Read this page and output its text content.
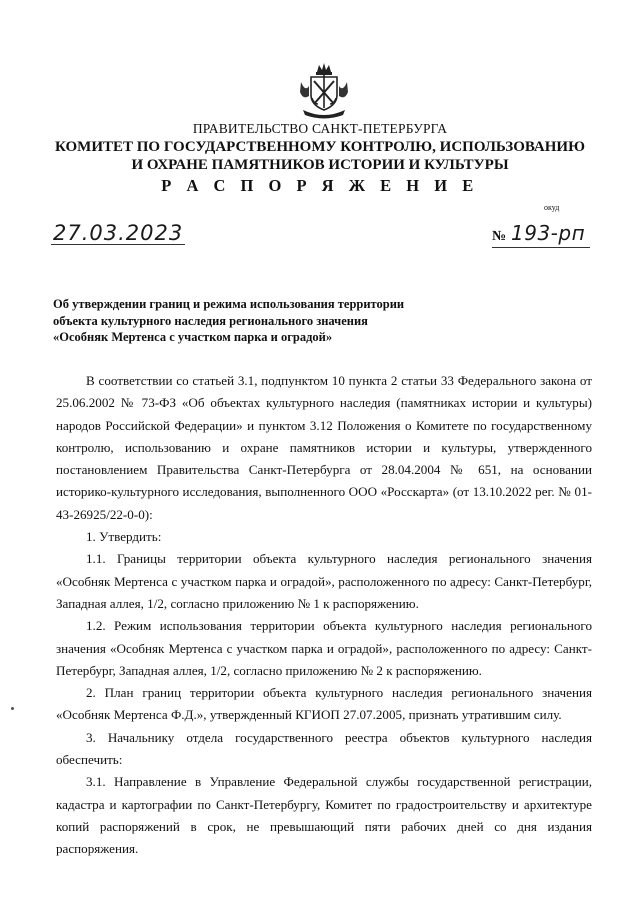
ПРАВИТЕЛЬСТВО САНКТ-ПЕТЕРБУРГА
КОМИТЕТ ПО ГОСУДАРСТВЕННОМУ КОНТРОЛЮ, ИСПОЛЬЗОВАНИЮ
И ОХРАНЕ ПАМЯТНИКОВ ИСТОРИИ И КУЛЬТУРЫ
Р А С П О Р Я Ж Е Н И Е
окуд
27.03.2023	№ 193-рп
Об утверждении границ и режима использования территории
объекта культурного наследия регионального значения
«Особняк Мертенса с участком парка и оградой»

В соответствии со статьей 3.1, подпунктом 10 пункта 2 статьи 33 Федерального закона от 25.06.2002 № 73-ФЗ «Об объектах культурного наследия (памятниках истории и культуры) народов Российской Федерации» и пунктом 3.12 Положения о Комитете по государственному контролю, использованию и охране памятников истории и культуры, утвержденного постановлением Правительства Санкт-Петербурга от 28.04.2004 № 651, на основании историко-культурного исследования, выполненного ООО «Росскарта» (от 13.10.2022 рег. № 01-43-26925/22-0-0):

1. Утвердить:

1.1. Границы территории объекта культурного наследия регионального значения «Особняк Мертенса с участком парка и оградой», расположенного по адресу: Санкт-Петербург, Западная аллея, 1/2, согласно приложению № 1 к распоряжению.

1.2. Режим использования территории объекта культурного наследия регионального значения «Особняк Мертенса с участком парка и оградой», расположенного по адресу: Санкт-Петербург, Западная аллея, 1/2, согласно приложению № 2 к распоряжению.

2. План границ территории объекта культурного наследия регионального значения «Особняк Мертенса Ф.Д.», утвержденный КГИОП 27.07.2005, признать утратившим силу.

3. Начальнику отдела государственного реестра объектов культурного наследия обеспечить:

3.1. Направление в Управление Федеральной службы государственной регистрации, кадастра и картографии по Санкт-Петербургу, Комитет по градостроительству и архитектуре копий распоряжений в срок, не превышающий пяти рабочих дней со дня издания распоряжения.
